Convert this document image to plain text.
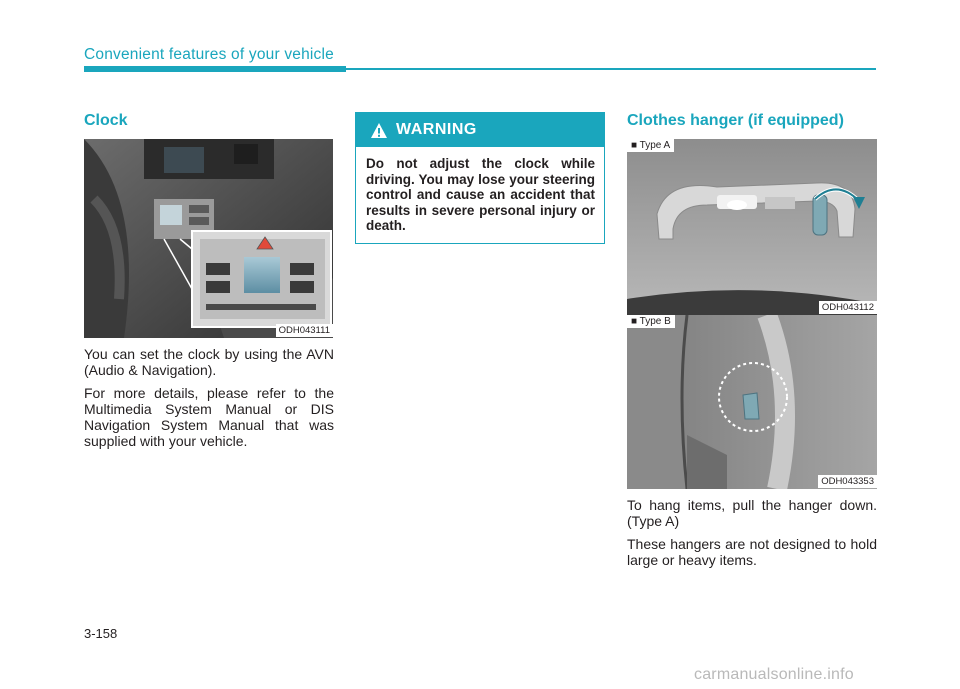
Convenient features of your vehicle
Clock
ODH043111

You can set the clock by using the AVN (Audio & Navigation).

For more details, please refer to the Multimedia System Manual or DIS Navigation System Manual that was supplied with your vehicle.

WARNING
Do not adjust the clock while driving. You may lose your steering control and cause an accident that results in severe personal injury or death.
Clothes hanger (if equipped)
■ Type A
ODH043112
■ Type B
ODH043353

To hang items, pull the hanger down. (Type A)

These hangers are not designed to hold large or heavy items.

3-158
carmanualsonline.info
